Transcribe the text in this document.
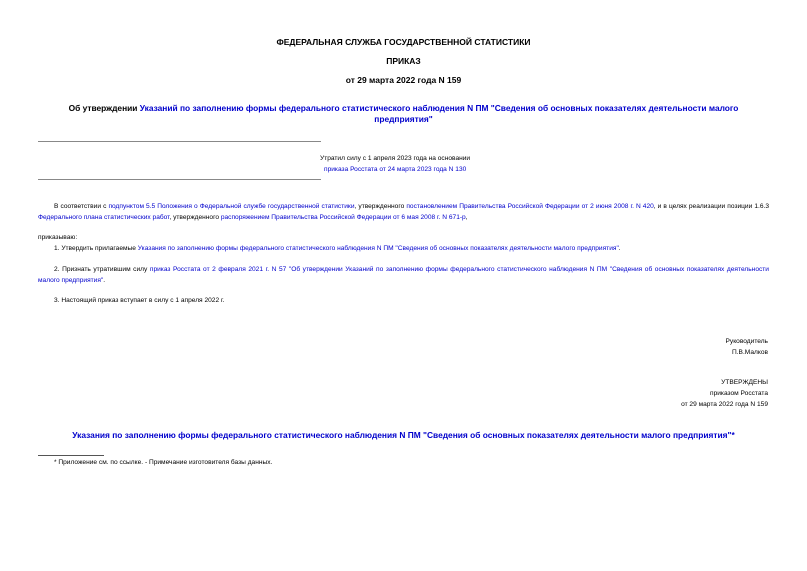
ФЕДЕРАЛЬНАЯ СЛУЖБА ГОСУДАРСТВЕННОЙ СТАТИСТИКИ
ПРИКАЗ
от 29 марта 2022 года N 159
Об утверждении Указаний по заполнению формы федерального статистического наблюдения N ПМ "Сведения об основных показателях деятельности малого предприятия"
Утратил силу с 1 апреля 2023 года на основании
приказа Росстата от 24 марта 2023 года N 130
В соответствии с подпунктом 5.5 Положения о Федеральной службе государственной статистики, утвержденного постановлением Правительства Российской Федерации от 2 июня 2008 г. N 420, и в целях реализации позиции 1.6.3 Федерального плана статистических работ, утвержденного распоряжением Правительства Российской Федерации от 6 мая 2008 г. N 671-р,
приказываю:
1. Утвердить прилагаемые Указания по заполнению формы федерального статистического наблюдения N ПМ "Сведения об основных показателях деятельности малого предприятия".
2. Признать утратившим силу приказ Росстата от 2 февраля 2021 г. N 57 "Об утверждении Указаний по заполнению формы федерального статистического наблюдения N ПМ "Сведения об основных показателях деятельности малого предприятия".
3. Настоящий приказ вступает в силу с 1 апреля 2022 г.
Руководитель
П.В.Малков
УТВЕРЖДЕНЫ
приказом Росстата
от 29 марта 2022 года N 159
Указания по заполнению формы федерального статистического наблюдения N ПМ "Сведения об основных показателях деятельности малого предприятия"*
* Приложение см. по ссылке. - Примечание изготовителя базы данных.
